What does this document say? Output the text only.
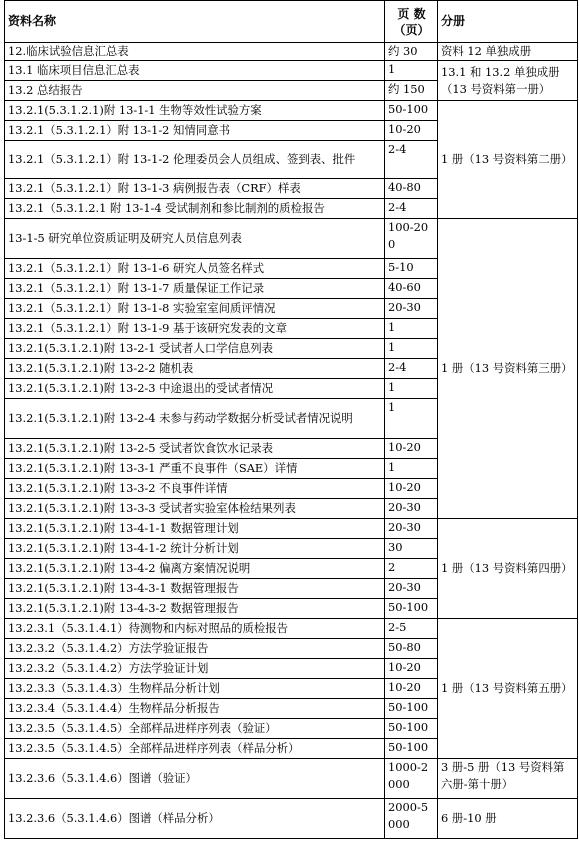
资料名称	页 数
（页）	分册
12.临床试验信息汇总表	约 30	资料 12 单独成册
13.1 临床项目信息汇总表	1	13.1 和 13.2 单独成册（13 号资料第一册）
13.2 总结报告	约 150	
13.2.1(5.3.1.2.1)附 13-1-1 生物等效性试验方案	50-100	1 册（13 号资料第二册）
13.2.1（5.3.1.2.1）附 13-1-2 知情同意书	10-20	
13.2.1（5.3.1.2.1）附 13-1-2 伦理委员会人员组成、签到表、批件	2-4	
13.2.1（5.3.1.2.1）附 13-1-3 病例报告表（CRF）样表	40-80	
13.2.1（5.3.1.2.1 附 13-1-4 受试制剂和参比制剂的质检报告	2-4	
13-1-5 研究单位资质证明及研究人员信息列表	100-200	1 册（13 号资料第三册）
13.2.1（5.3.1.2.1）附 13-1-6 研究人员签名样式	5-10	
13.2.1（5.3.1.2.1）附 13-1-7 质量保证工作记录	40-60	
13.2.1（5.3.1.2.1）附 13-1-8 实验室室间质评情况	20-30	
13.2.1（5.3.1.2.1）附 13-1-9 基于该研究发表的文章	1	
13.2.1(5.3.1.2.1)附 13-2-1 受试者人口学信息列表	1	
13.2.1(5.3.1.2.1)附 13-2-2 随机表	2-4	
13.2.1(5.3.1.2.1)附 13-2-3 中途退出的受试者情况	1	
13.2.1(5.3.1.2.1)附 13-2-4 未参与药动学数据分析受试者情况说明	1	
13.2.1(5.3.1.2.1)附 13-2-5 受试者饮食饮水记录表	10-20	
13.2.1(5.3.1.2.1)附 13-3-1 严重不良事件（SAE）详情	1	
13.2.1(5.3.1.2.1)附 13-3-2 不良事件详情	10-20	
13.2.1(5.3.1.2.1)附 13-3-3 受试者实验室体检结果列表	20-30	
13.2.1(5.3.1.2.1)附 13-4-1-1 数据管理计划	20-30	1 册（13 号资料第四册）
13.2.1(5.3.1.2.1)附 13-4-1-2 统计分析计划	30	
13.2.1(5.3.1.2.1)附 13-4-2 偏离方案情况说明	2	
13.2.1(5.3.1.2.1)附 13-4-3-1 数据管理报告	20-30	
13.2.1(5.3.1.2.1)附 13-4-3-2 数据管理报告	50-100	
13.2.3.1（5.3.1.4.1）待测物和内标对照品的质检报告	2-5	1 册（13 号资料第五册）
13.2.3.2（5.3.1.4.2）方法学验证报告	50-80	
13.2.3.2（5.3.1.4.2）方法学验证计划	10-20	
13.2.3.3（5.3.1.4.3）生物样品分析计划	10-20	
13.2.3.4（5.3.1.4.4）生物样品分析报告	50-100	
13.2.3.5（5.3.1.4.5）全部样品进样序列表（验证）	50-100	
13.2.3.5（5.3.1.4.5）全部样品进样序列表（样品分析）	50-100	
13.2.3.6（5.3.1.4.6）图谱（验证）	1000-2000	3 册-5 册（13 号资料第六册-第十册）
13.2.3.6（5.3.1.4.6）图谱（样品分析）	2000-5000	6 册-10 册
